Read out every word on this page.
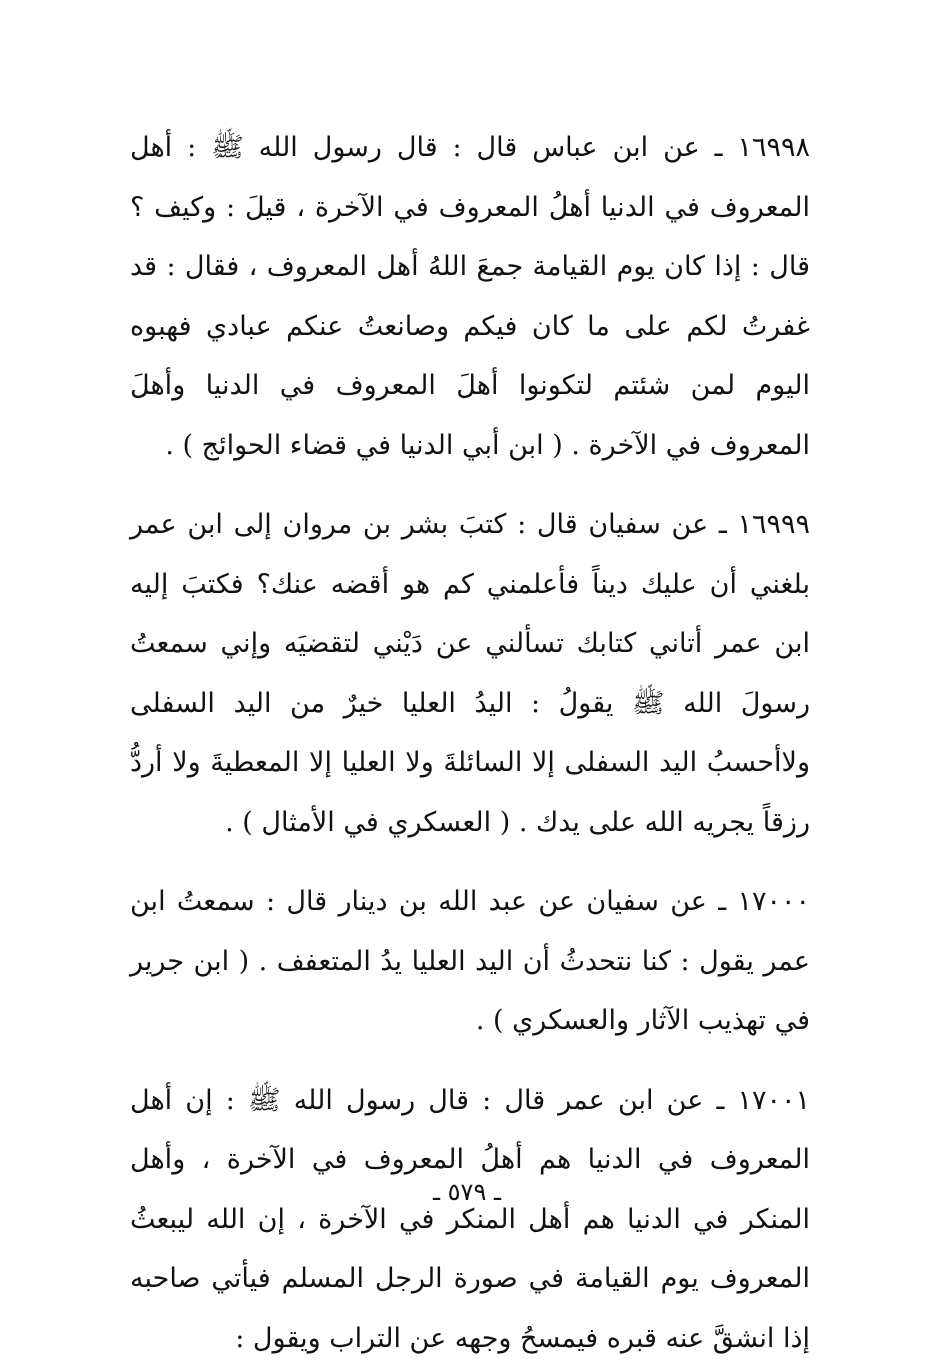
١٦٩٩٨ ـ عن ابن عباس قال : قال رسول الله ﷺ : أهل المعروف في الدنيا أهلُ المعروف في الآخرة ، قيلَ : وكيف ؟ قال : إذا كان يوم القيامة جمعَ اللهُ أهل المعروف ، فقال : قد غفرتُ لكم على ما كان فيكم وصانعتُ عنكم عبادي فهبوه اليوم لمن شئتم لتكونوا أهلَ المعروف في الدنيا وأهلَ المعروف في الآخرة . ( ابن أبي الدنيا في قضاء الحوائج ) .

١٦٩٩٩ ـ عن سفيان قال : كتبَ بشر بن مروان إلى ابن عمر بلغني أن عليك ديناً فأعلمني كم هو أقضه عنك؟ فكتبَ إليه ابن عمر أتاني كتابك تسألني عن دَيْني لتقضيَه وإني سمعتُ رسولَ الله ﷺ يقولُ : اليدُ العليا خيرٌ من اليد السفلى ولاأحسبُ اليد السفلى إلا السائلةَ ولا العليا إلا المعطيةَ ولا أردُّ رزقاً يجريه الله على يدك . ( العسكري في الأمثال ) .

١٧٠٠٠ ـ عن سفيان عن عبد الله بن دينار قال : سمعتُ ابن عمر يقول : كنا نتحدثُ أن اليد العليا يدُ المتعفف . ( ابن جرير في تهذيب الآثار والعسكري ) .

١٧٠٠١ ـ عن ابن عمر قال : قال رسول الله ﷺ : إن أهل المعروف في الدنيا هم أهلُ المعروف في الآخرة ، وأهل المنكر في الدنيا هم أهل المنكر في الآخرة ، إن الله ليبعثُ المعروف يوم القيامة في صورة الرجل المسلم فيأتي صاحبه إذا انشقَّ عنه قبره فيمسحُ وجهه عن التراب ويقول :

ـ ٥٧٩ ـ
